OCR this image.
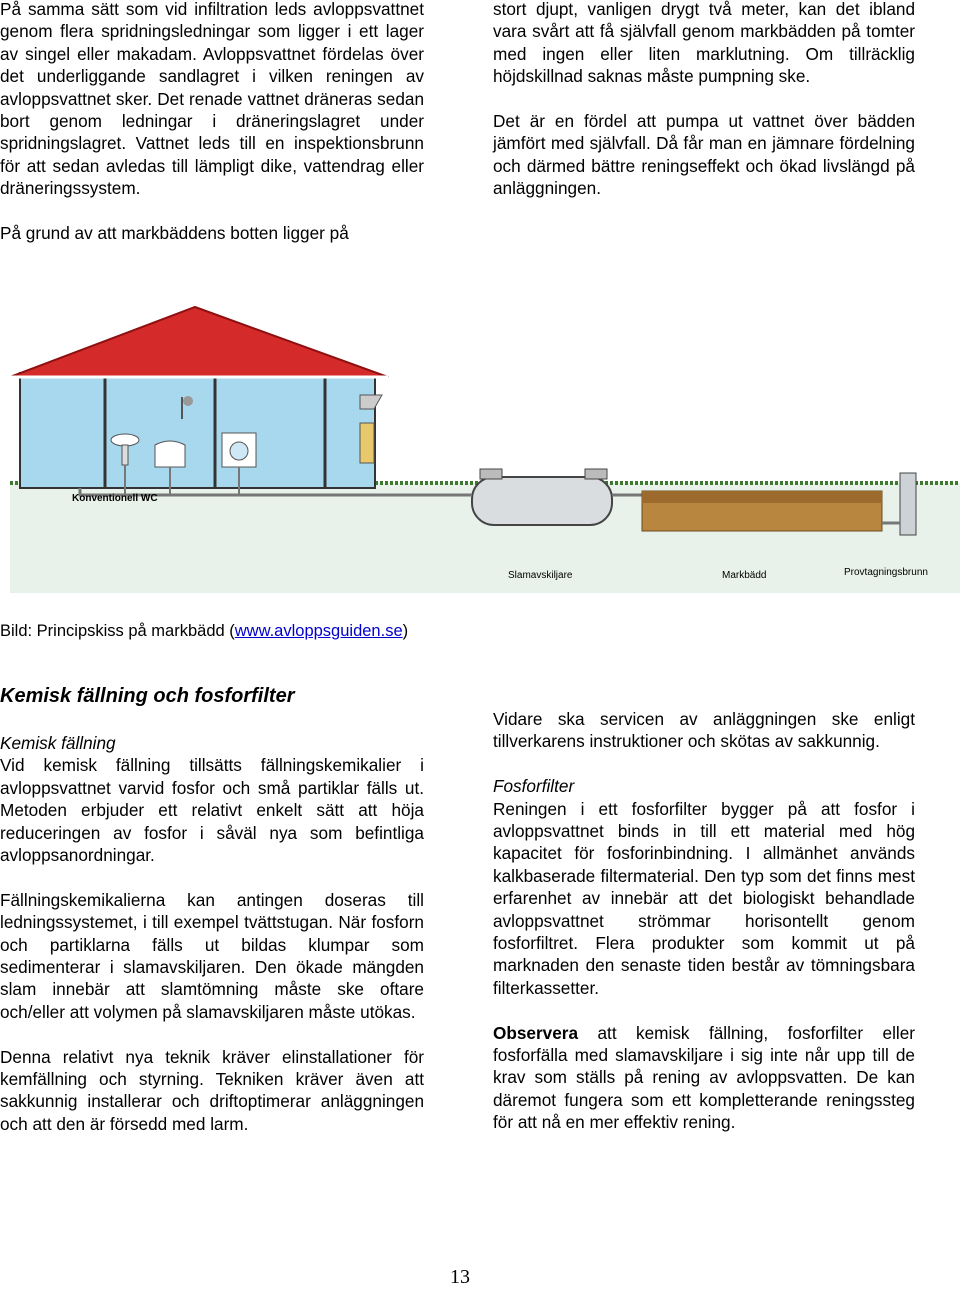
På samma sätt som vid infiltration leds avloppsvattnet genom flera spridningsledningar som ligger i ett lager av singel eller makadam. Avloppsvattnet fördelas över det underliggande sandlagret i vilken reningen av avloppsvattnet sker. Det renade vattnet dräneras sedan bort genom ledningar i dräneringslagret under spridningslagret. Vattnet leds till en inspektionsbrunn för att sedan avledas till lämpligt dike, vattendrag eller dräneringssystem.

På grund av att markbäddens botten ligger på

stort djupt, vanligen drygt två meter, kan det ibland vara svårt att få självfall genom markbädden på tomter med ingen eller liten marklutning. Om tillräcklig höjdskillnad saknas måste pumpning ske.

Det är en fördel att pumpa ut vattnet över bädden jämfört med självfall. Då får man en jämnare fördelning och därmed bättre reningseffekt och ökad livslängd på anläggningen.

Konventionell WC
Slamavskiljare	Markbädd	Provtagningsbrunn
Bild: Principskiss på markbädd (www.avloppsguiden.se)
Kemisk fällning och fosforfilter

Kemisk fällning

Vid kemisk fällning tillsätts fällningskemikalier i avloppsvattnet varvid fosfor och små partiklar fälls ut. Metoden erbjuder ett relativt enkelt sätt att höja reduceringen av fosfor i såväl nya som befintliga avloppsanordningar.

Fällningskemikalierna kan antingen doseras till ledningssystemet, i till exempel tvättstugan. När fosforn och partiklarna fälls ut bildas klumpar som sedimenterar i slamavskiljaren. Den ökade mängden slam innebär att slamtömning måste ske oftare och/eller att volymen på slamavskiljaren måste utökas.

Denna relativt nya teknik kräver elinstallationer för kemfällning och styrning. Tekniken kräver även att sakkunnig installerar och driftoptimerar anläggningen och att den är försedd med larm.

Vidare ska servicen av anläggningen ske enligt tillverkarens instruktioner och skötas av sakkunnig.

Fosforfilter

Reningen i ett fosforfilter bygger på att fosfor i avloppsvattnet binds in till ett material med hög kapacitet för fosforinbindning. I allmänhet används kalkbaserade filtermaterial. Den typ som det finns mest erfarenhet av innebär att det biologiskt behandlade avloppsvattnet strömmar horisontellt genom fosforfiltret. Flera produkter som kommit ut på marknaden den senaste tiden består av tömningsbara filterkassetter.

Observera att kemisk fällning, fosforfilter eller fosforfälla med slamavskiljare i sig inte når upp till de krav som ställs på rening av avloppsvatten. De kan däremot fungera som ett kompletterande reningssteg för att nå en mer effektiv rening.

13
